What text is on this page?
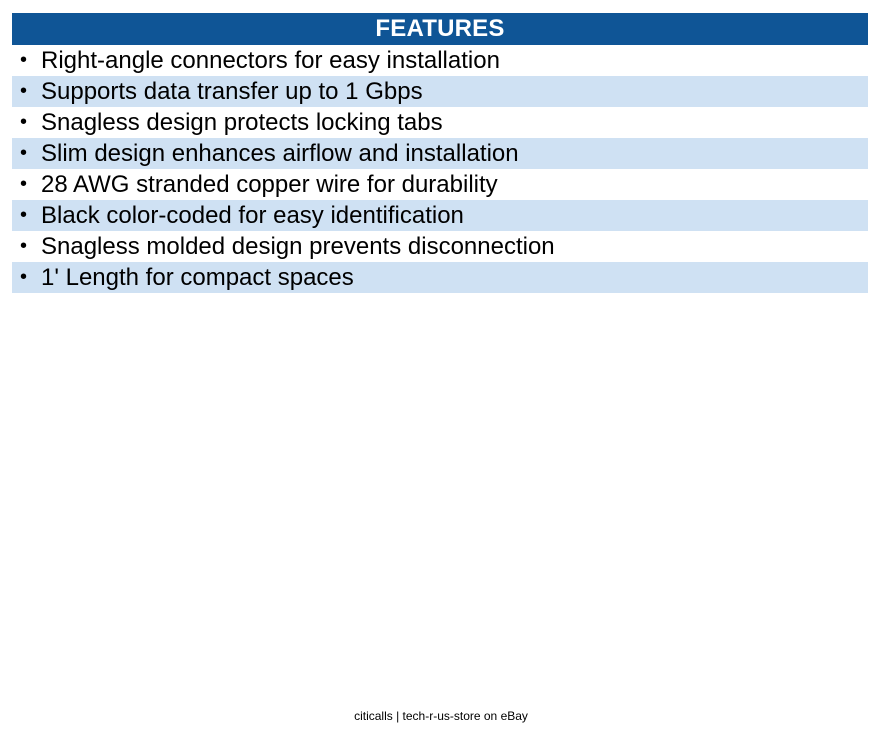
FEATURES
• Right-angle connectors for easy installation
• Supports data transfer up to 1 Gbps
• Snagless design protects locking tabs
• Slim design enhances airflow and installation
• 28 AWG stranded copper wire for durability
• Black color-coded for easy identification
• Snagless molded design prevents disconnection
• 1' Length for compact spaces
citicalls | tech-r-us-store on eBay
